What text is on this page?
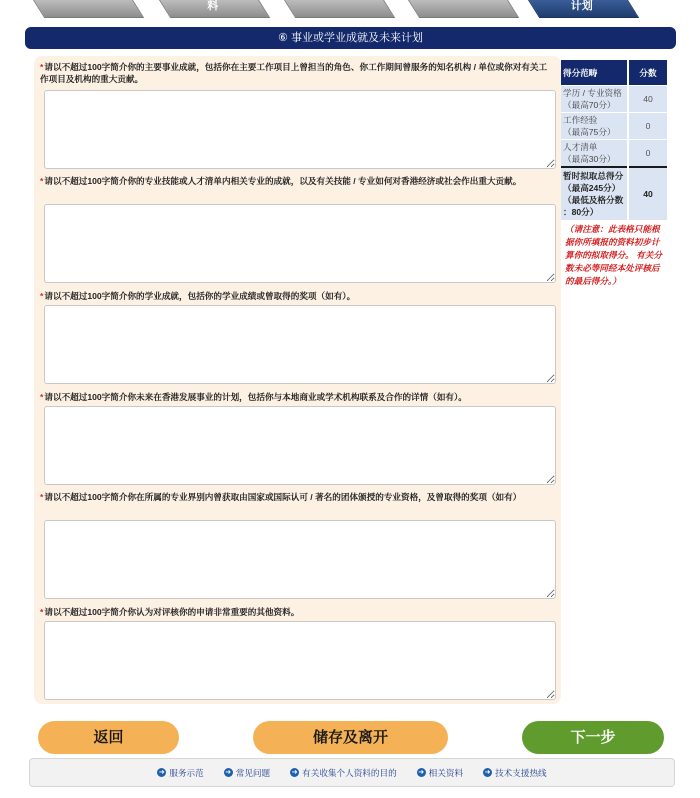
料	计划
⑥ 事业或学业成就及未来计划
*请以不超过100字简介你的主要事业成就，包括你在主要工作项目上曾担当的角色、你工作期间曾服务的知名机构 / 单位或你对有关工作项目及机构的重大贡献。
*请以不超过100字简介你的专业技能或人才清单内相关专业的成就，以及有关技能 / 专业如何对香港经济或社会作出重大贡献。
*请以不超过100字简介你的学业成就，包括你的学业成绩或曾取得的奖项（如有）。
*请以不超过100字简介你未来在香港发展事业的计划，包括你与本地商业或学术机构联系及合作的详情（如有）。
*请以不超过100字简介你在所属的专业界别内曾获取由国家或国际认可 / 著名的团体颁授的专业资格，及曾取得的奖项（如有）
*请以不超过100字简介你认为对评核你的申请非常重要的其他资料。
得分范畴	分数

学历 / 专业资格
（最高70分）	40

工作经验
（最高75分）	0

人才清单
（最高30分）	0

暂时拟取总得分
（最高245分）
（最低及格分数
：80分）	40
（请注意：此表格只能根据你所填报的资料初步计算你的拟取得分。 有关分数未必等同经本处评核后的最后得分。）	
返回	储存及离开	下一步
➜ 服务示范	➜ 常见问题	➜ 有关收集个人资料的目的	➜ 相关资料	➜ 技术支援热线
